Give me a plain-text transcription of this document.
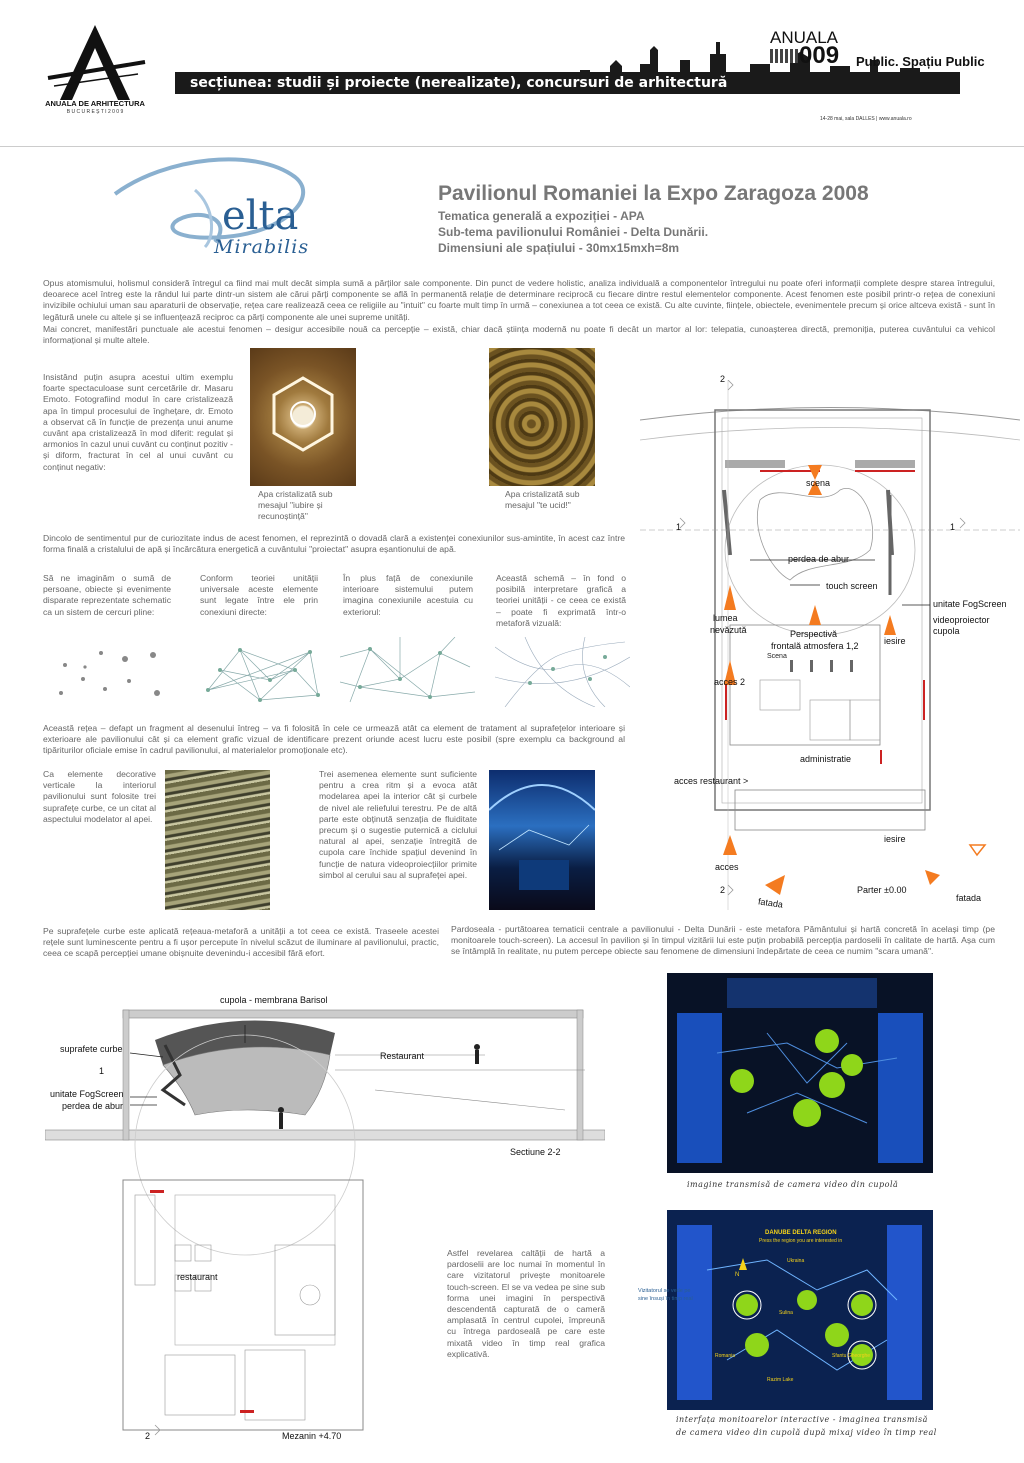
ANUALA DE ARHITECTURA
B U C U R E Ș T I 2 0 0 9
secțiunea: studii și proiecte (nerealizate), concursuri de arhitectură
ANUALA
009 Public. Spațiu Public
14-28 mai, sala DALLES | www.anuala.ro
elta
Mirabilis
Pavilionul Romaniei la Expo Zaragoza 2008
Tematica generală a expoziției - APA
Sub-tema pavilionului României - Delta Dunării.
Dimensiuni ale spațiului - 30mx15mxh=8m
Opus atomismului, holismul consideră întregul ca fiind mai mult decât simpla sumă a părților sale componente. Din punct de vedere holistic, analiza individuală a componentelor întregului nu poate oferi informații complete despre starea întregului, deoarece acel întreg este la rândul lui parte dintr-un sistem ale cărui părți componente se află în permanentă relație de determinare reciprocă cu fiecare dintre restul elementelor componente. Acest fenomen este posibil printr-o rețea de conexiuni invizibile ochiului uman sau aparaturii de observație, rețea care realizează ceea ce religiile au "intuit" cu foarte mult timp în urmă – conexiunea a tot ceea ce există. Cu alte cuvinte, ființele, obiectele, evenimentele precum și orice altceva există - sunt în legătură unele cu altele și se influențează reciproc ca părți componente ale unei supreme unități.
Mai concret, manifestări punctuale ale acestui fenomen – desigur accesibile nouă ca percepție – există, chiar dacă știința modernă nu poate fi decât un martor al lor: telepatia, cunoașterea directă, premoniția, puterea cuvântului ca vehicol informațional și multe altele.
Insistând puțin asupra acestui ultim exemplu foarte spectaculoase sunt cercetările dr. Masaru Emoto. Fotografiind modul în care cristalizează apa în timpul procesului de înghețare, dr. Emoto a observat că în funcție de prezența unui anume cuvânt apa cristalizează în mod diferit: regulat și armonios în cazul unui cuvânt cu conținut pozitiv - și diform, fracturat în cel al unui cuvânt cu conținut negativ:
Apa cristalizată sub mesajul "iubire și recunoștință"
Apa cristalizată sub mesajul "te ucid!"
Dincolo de sentimentul pur de curiozitate indus de acest fenomen, el reprezintă o dovadă clară a existenței conexiunilor sus-amintite, în acest caz între forma finală a cristalului de apă și încărcătura energetică a cuvântului "proiectat" asupra eșantionului de apă.
Să ne imaginăm o sumă de persoane, obiecte și evenimente disparate reprezentate schematic ca un sistem de cercuri pline:
Conform teoriei unității universale aceste elemente sunt legate între ele prin conexiuni directe:
În plus față de conexiunile interioare sistemului putem imagina conexiunile acestuia cu exteriorul:
Această schemă – în fond o posibilă interpretare grafică a teoriei unității - ce ceea ce există – poate fi exprimată într-o metaforă vizuală:
Această rețea – defapt un fragment al desenului întreg – va fi folosită în cele ce urmează atât ca element de tratament al suprafețelor interioare și exterioare ale pavilionului cât și ca element grafic vizual de identificare prezent oriunde acest lucru este posibil (spre exemplu ca background al tipăriturilor oficiale emise în cadrul pavilionului, al materialelor promoționale etc).
Ca elemente decorative verticale la interiorul pavilionului sunt folosite trei suprafețe curbe, ce un citat al aspectului modelator al apei.
Trei asemenea elemente sunt suficiente pentru a crea ritm și a evoca atât modelarea apei la interior cât și curbele de nivel ale reliefului terestru. Pe de altă parte este obținută senzația de fluiditate precum și o sugestie puternică a ciclului natural al apei, senzație întregită de cupola care închide spațiul devenind în funcție de natura videoproiecțiilor primite simbol al cerului sau al suprafeței apei.
2
1	1
scena
perdea de abur
touch screen
unitate FogScreen
videoproiector
cupola
lumea
nevăzută	Perspectivă
frontală atmosfera 1,2
Scena
iesire
acces 2
administratie
acces restaurant >
iesire
acces
2
fatada
Parter ±0.00
fatada
Pe suprafețele curbe este aplicată rețeaua-metaforă a unității a tot ceea ce există. Traseele acestei rețele sunt luminescente pentru a fi ușor percepute în nivelul scăzut de iluminare al pavilionului, practic, ceea ce scapă percepției umane obișnuite devenindu-i accesibil fără efort.
Pardoseala - purtătoarea tematicii centrale a pavilionului - Delta Dunării - este metafora Pământului și hartă concretă în același timp (pe monitoarele touch-screen). La accesul în pavilion și în timpul vizitării lui este puțin probabilă percepția pardoselii în calitate de hartă. Așa cum se întâmplă în realitate, nu putem percepe obiecte sau fenomene de dimensiuni îndepărtate de ceea ce numim "scara umană".
cupola - membrana Barisol
suprafete curbe
1
unitate FogScreen
perdea de abur
Restaurant
Sectiune 2-2
restaurant
2	Mezanin +4.70
Astfel revelarea caltății de hartă a pardoselii are loc numai în momentul în care vizitatorul privește monitoarele touch-screen. El se va vedea pe sine sub forma unei imagini în perspectivă descendentă capturată de o cameră amplasată în centrul cupolei, împreună cu întrega pardoseală pe care este mixată video în timp real grafica explicativă.
imagine transmisă de camera video din cupolă
DANUBE DELTA REGION
Press the region you are interested in
Ukraina
N
Sulina
Romania
Razim Lake
Sfantu Gheorghe
Vizitatorul se vede pe
sine însuși în timp real
interfața monitoarelor interactive - imaginea transmisă
de camera video din cupolă după mixaj video în timp real
